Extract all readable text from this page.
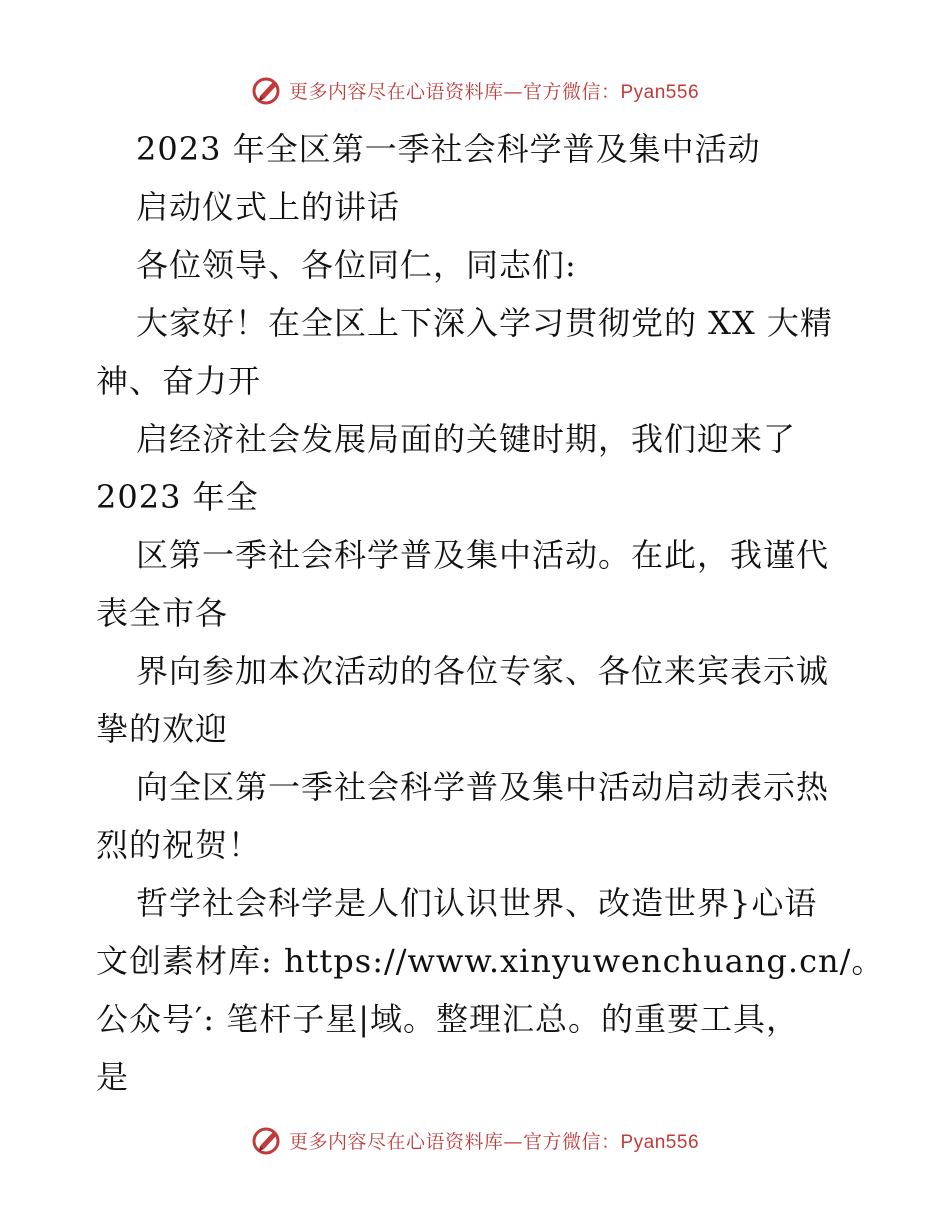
更多内容尽在心语资料库—官方微信：Pyan556
2023 年全区第一季社会科学普及集中活动
启动仪式上的讲话
各位领导、各位同仁，同志们:
大家好！在全区上下深入学习贯彻党的 XX 大精
神、奋力开
启经济社会发展局面的关键时期，我们迎来了
2023 年全
区第一季社会科学普及集中活动。在此，我谨代
表全市各
界向参加本次活动的各位专家、各位来宾表示诚
挚的欢迎
向全区第一季社会科学普及集中活动启动表示热
烈的祝贺！
哲学社会科学是人们认识世界、改造世界}心语
文创素材库: https://www.xinyuwenchuang.cn/。
公众号′: 笔杆子星|域。整理汇总。的重要工具，
是
更多内容尽在心语资料库—官方微信：Pyan556
